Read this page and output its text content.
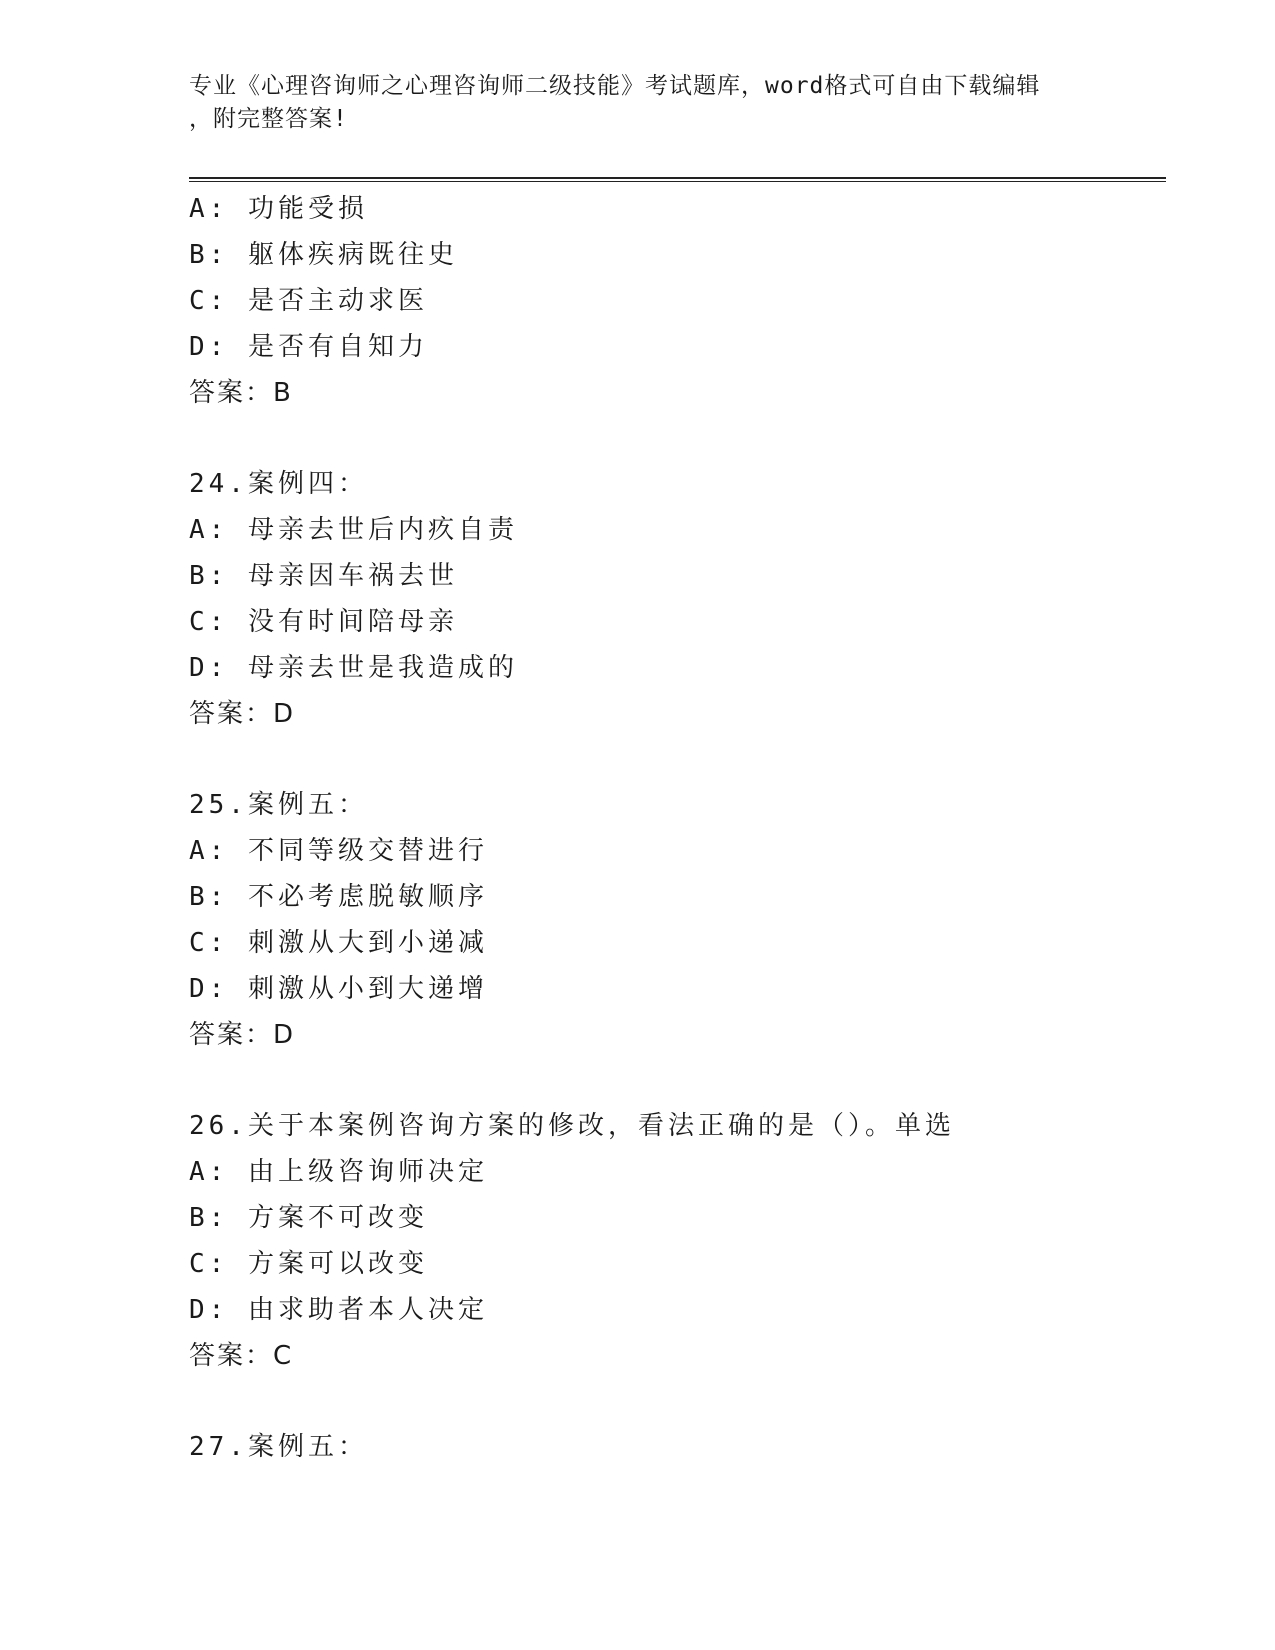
专业《心理咨询师之心理咨询师二级技能》考试题库，word格式可自由下载编辑
，附完整答案!
A: 功能受损
B: 躯体疾病既往史
C: 是否主动求医
D: 是否有自知力
答案：B
24.案例四：
A: 母亲去世后内疚自责
B: 母亲因车祸去世
C: 没有时间陪母亲
D: 母亲去世是我造成的
答案：D
25.案例五：
A: 不同等级交替进行
B: 不必考虑脱敏顺序
C: 刺激从大到小递减
D: 刺激从小到大递增
答案：D
26.关于本案例咨询方案的修改，看法正确的是（）。单选
A: 由上级咨询师决定
B: 方案不可改变
C: 方案可以改变
D: 由求助者本人决定
答案：C
27.案例五：
